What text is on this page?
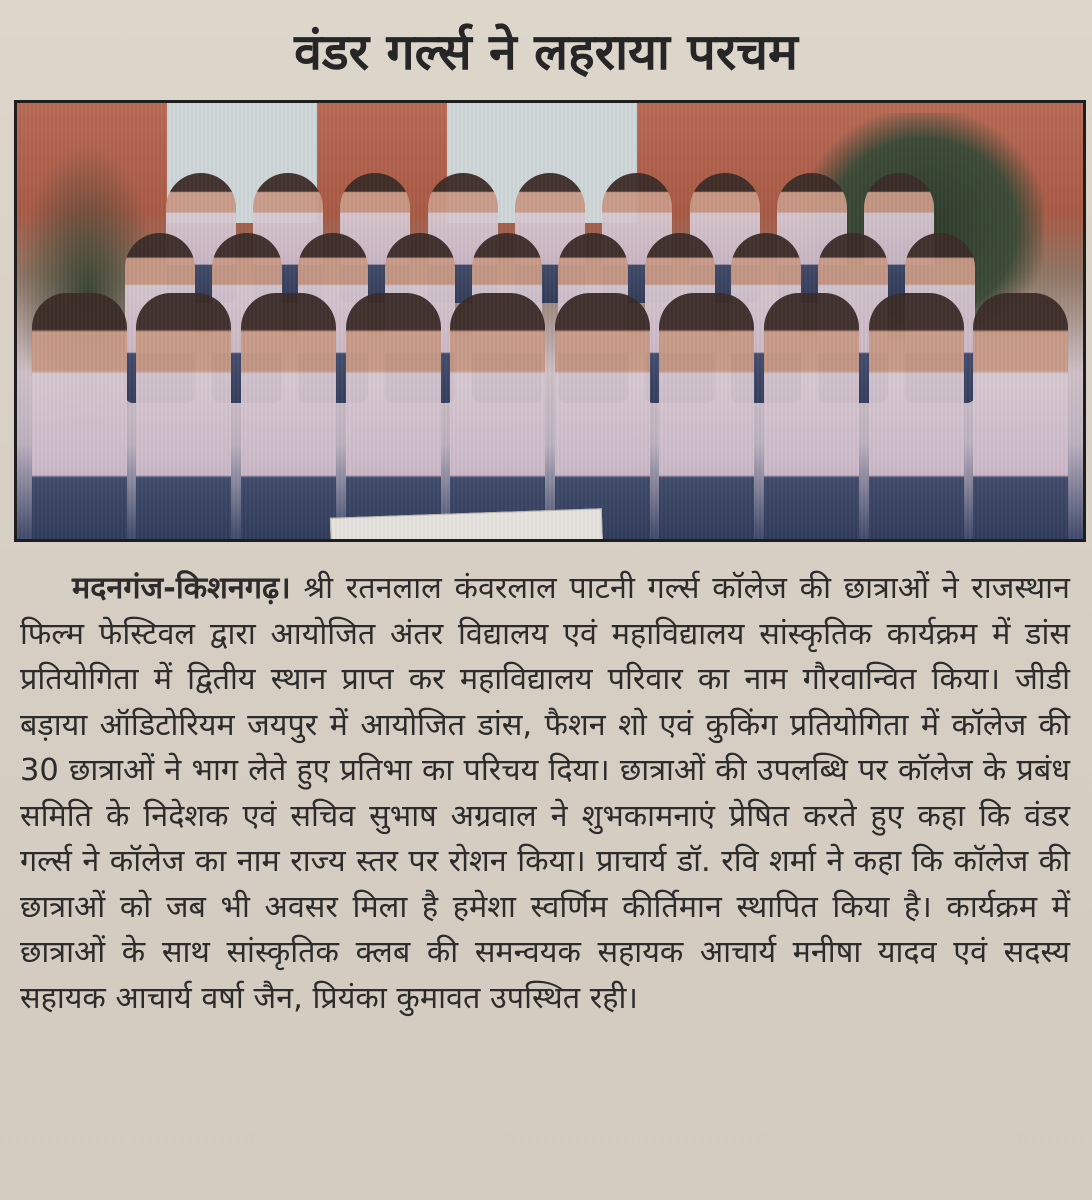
वंडर गर्ल्स ने लहराया परचम
मदनगंज-किशनगढ़। श्री रतनलाल कंवरलाल पाटनी गर्ल्स कॉलेज की छात्राओं ने राजस्थान फिल्म फेस्टिवल द्वारा आयोजित अंतर विद्यालय एवं महाविद्यालय सांस्कृतिक कार्यक्रम में डांस प्रतियोगिता में द्वितीय स्थान प्राप्त कर महाविद्यालय परिवार का नाम गौरवान्वित किया। जीडी बड़ाया ऑडिटोरियम जयपुर में आयोजित डांस, फैशन शो एवं कुकिंग प्रतियोगिता में कॉलेज की 30 छात्राओं ने भाग लेते हुए प्रतिभा का परिचय दिया। छात्राओं की उपलब्धि पर कॉलेज के प्रबंध समिति के निदेशक एवं सचिव सुभाष अग्रवाल ने शुभकामनाएं प्रेषित करते हुए कहा कि वंडर गर्ल्स ने कॉलेज का नाम राज्य स्तर पर रोशन किया। प्राचार्य डॉ. रवि शर्मा ने कहा कि कॉलेज की छात्राओं को जब भी अवसर मिला है हमेशा स्वर्णिम कीर्तिमान स्थापित किया है। कार्यक्रम में छात्राओं के साथ सांस्कृतिक क्लब की समन्वयक सहायक आचार्य मनीषा यादव एवं सदस्य सहायक आचार्य वर्षा जैन, प्रियंका कुमावत उपस्थित रही।
